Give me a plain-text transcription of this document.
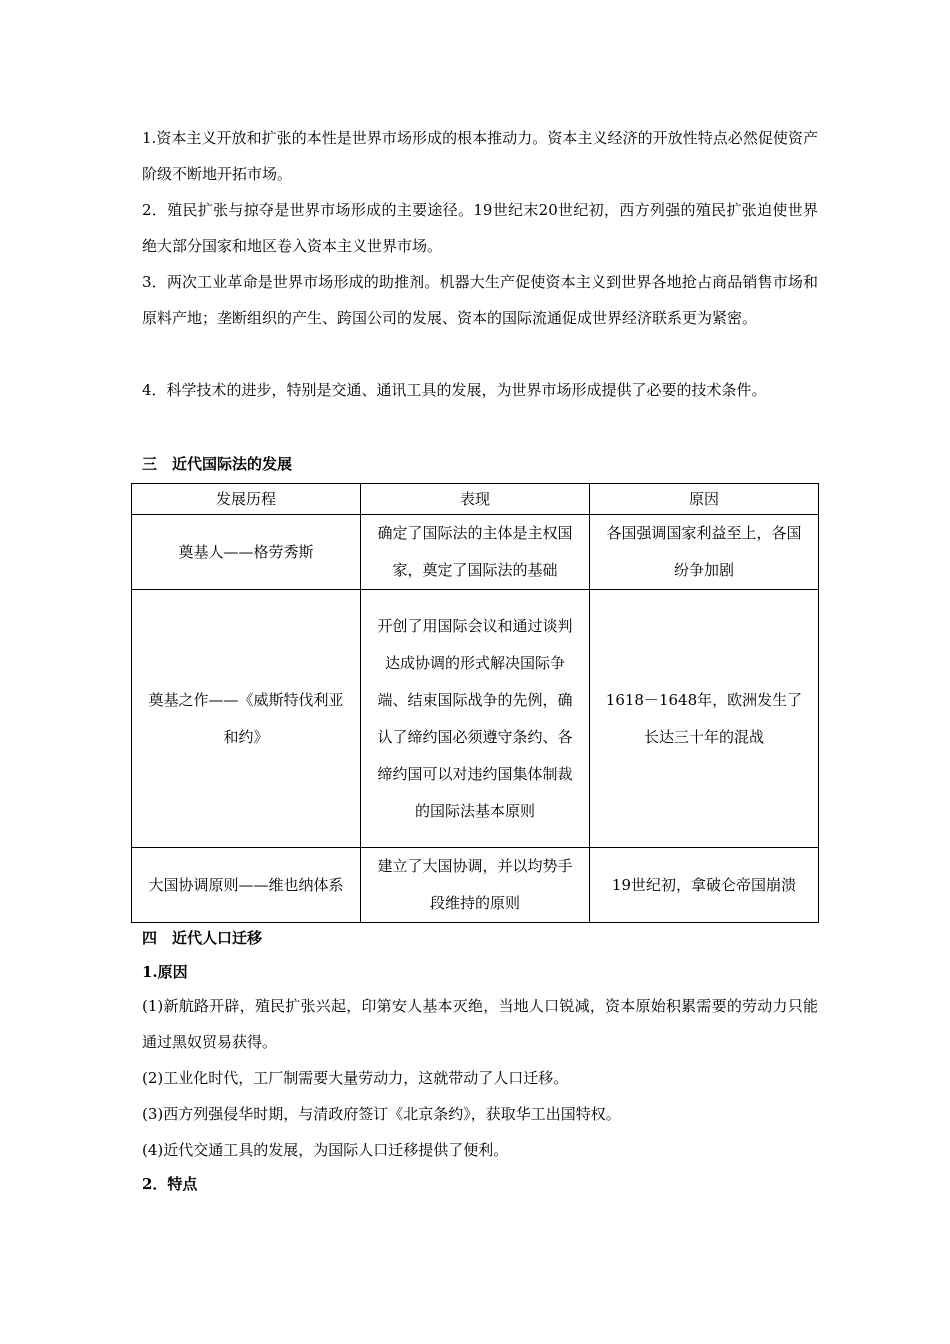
1.资本主义开放和扩张的本性是世界市场形成的根本推动力。资本主义经济的开放性特点必然促使资产阶级不断地开拓市场。

2．殖民扩张与掠夺是世界市场形成的主要途径。19世纪末20世纪初，西方列强的殖民扩张迫使世界绝大部分国家和地区卷入资本主义世界市场。

3．两次工业革命是世界市场形成的助推剂。机器大生产促使资本主义到世界各地抢占商品销售市场和原料产地；垄断组织的产生、跨国公司的发展、资本的国际流通促成世界经济联系更为紧密。

4．科学技术的进步，特别是交通、通讯工具的发展，为世界市场形成提供了必要的技术条件。

三　近代国际法的发展

发展历程	表现	原因
奠基人——格劳秀斯	确定了国际法的主体是主权国家，奠定了国际法的基础	各国强调国家利益至上，各国纷争加剧
奠基之作——《威斯特伐利亚和约》	开创了用国际会议和通过谈判达成协调的形式解决国际争端、结束国际战争的先例，确认了缔约国必须遵守条约、各缔约国可以对违约国集体制裁的国际法基本原则	1618－1648年，欧洲发生了长达三十年的混战
大国协调原则——维也纳体系	建立了大国协调，并以均势手段维持的原则	19世纪初，拿破仑帝国崩溃

四　近代人口迁移

1.原因

(1)新航路开辟，殖民扩张兴起，印第安人基本灭绝，当地人口锐减，资本原始积累需要的劳动力只能通过黑奴贸易获得。

(2)工业化时代，工厂制需要大量劳动力，这就带动了人口迁移。

(3)西方列强侵华时期，与清政府签订《北京条约》，获取华工出国特权。

(4)近代交通工具的发展，为国际人口迁移提供了便利。

2．特点
